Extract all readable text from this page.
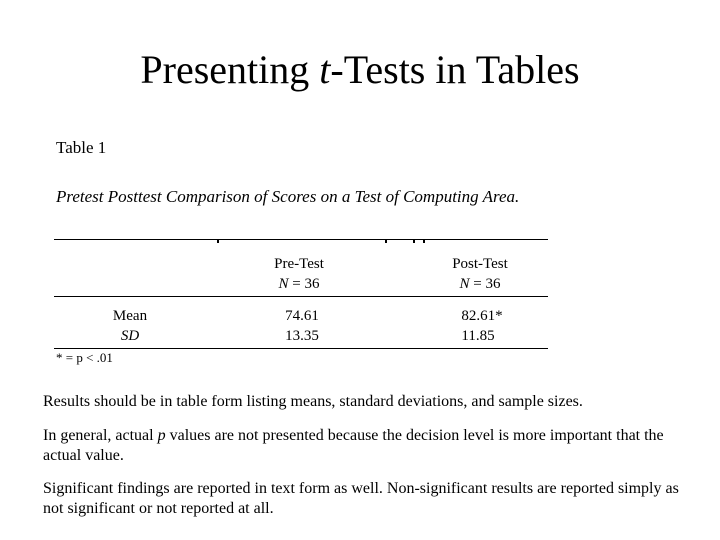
Presenting t-Tests in Tables
Table 1
Pretest Posttest Comparison of Scores on a Test of Computing Area.
Pre-Test
N = 36
Post-Test
N = 36
Mean
SD
74.61	82.61*
13.35	11.85
* = p < .01
Results should be in table form listing means, standard deviations, and sample sizes.
In general, actual p values are not presented because the decision level is more important that the actual value.
Significant findings are reported in text form as well. Non-significant results are reported simply as not significant or not reported at all.
